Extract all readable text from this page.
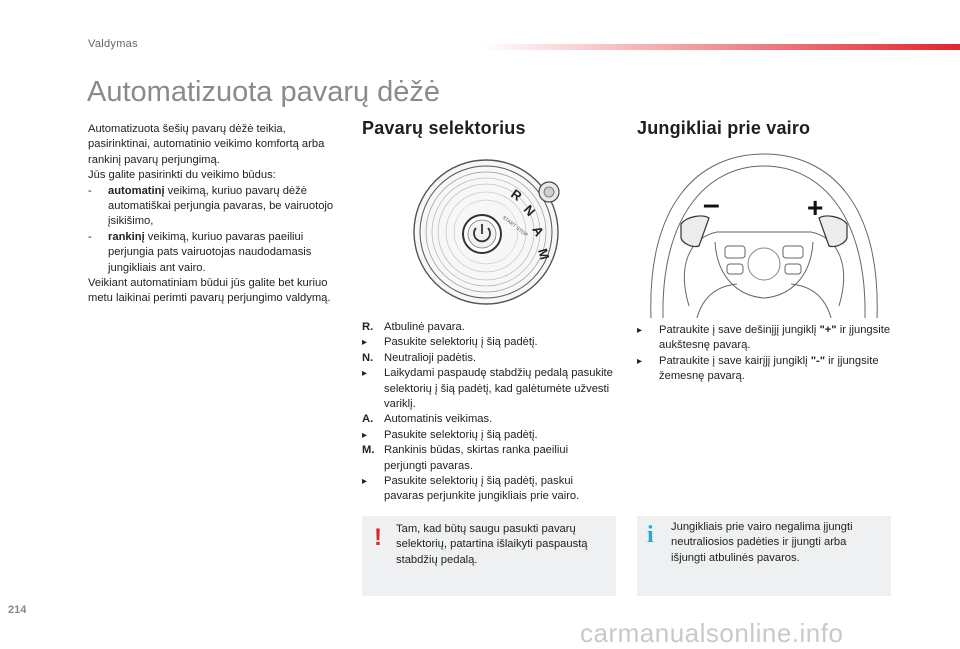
Valdymas
Automatizuota pavarų dėžė

Automatizuota šešių pavarų dėžė teikia, pasirinktinai, automatinio veikimo komfortą arba rankinį pavarų perjungimą.

Jūs galite pasirinkti du veikimo būdus:

-	automatinį veikimą, kuriuo pavarų dėžė automatiškai perjungia pavaras, be vairuotojo įsikišimo,
-	rankinį veikimą, kuriuo pavaras paeiliui perjungia pats vairuotojas naudodamasis jungikliais ant vairo.

Veikiant automatiniam būdui jūs galite bet kuriuo metu laikinai perimti pavarų perjungimo valdymą.

Pavarų selektorius
R
N
A
M
START STOP
R. Atbulinė pavara.
▸	Pasukite selektorių į šią padėtį.
N. Neutralioji padėtis.
▸	Laikydami paspaudę stabdžių pedalą pasukite selektorių į šią padėtį, kad galėtumėte užvesti variklį.
A. Automatinis veikimas.
▸	Pasukite selektorių į šią padėtį.
M. Rankinis būdas, skirtas ranka paeiliui perjungti pavaras.
▸	Pasukite selektorių į šią padėtį, paskui pavaras perjunkite jungikliais prie vairo.
! Tam, kad būtų saugu pasukti pavarų selektorių, patartina išlaikyti paspaustą stabdžių pedalą.
Jungikliai prie vairo
–	+
▸	Patraukite į save dešinįjį jungiklį "+" ir įjungsite aukštesnę pavarą.
▸	Patraukite į save kairįjį jungiklį "-" ir įjungsite žemesnę pavarą.
i Jungikliais prie vairo negalima įjungti neutraliosios padėties ir įjungti arba išjungti atbulinės pavaros.
214
carmanualsonline.info
